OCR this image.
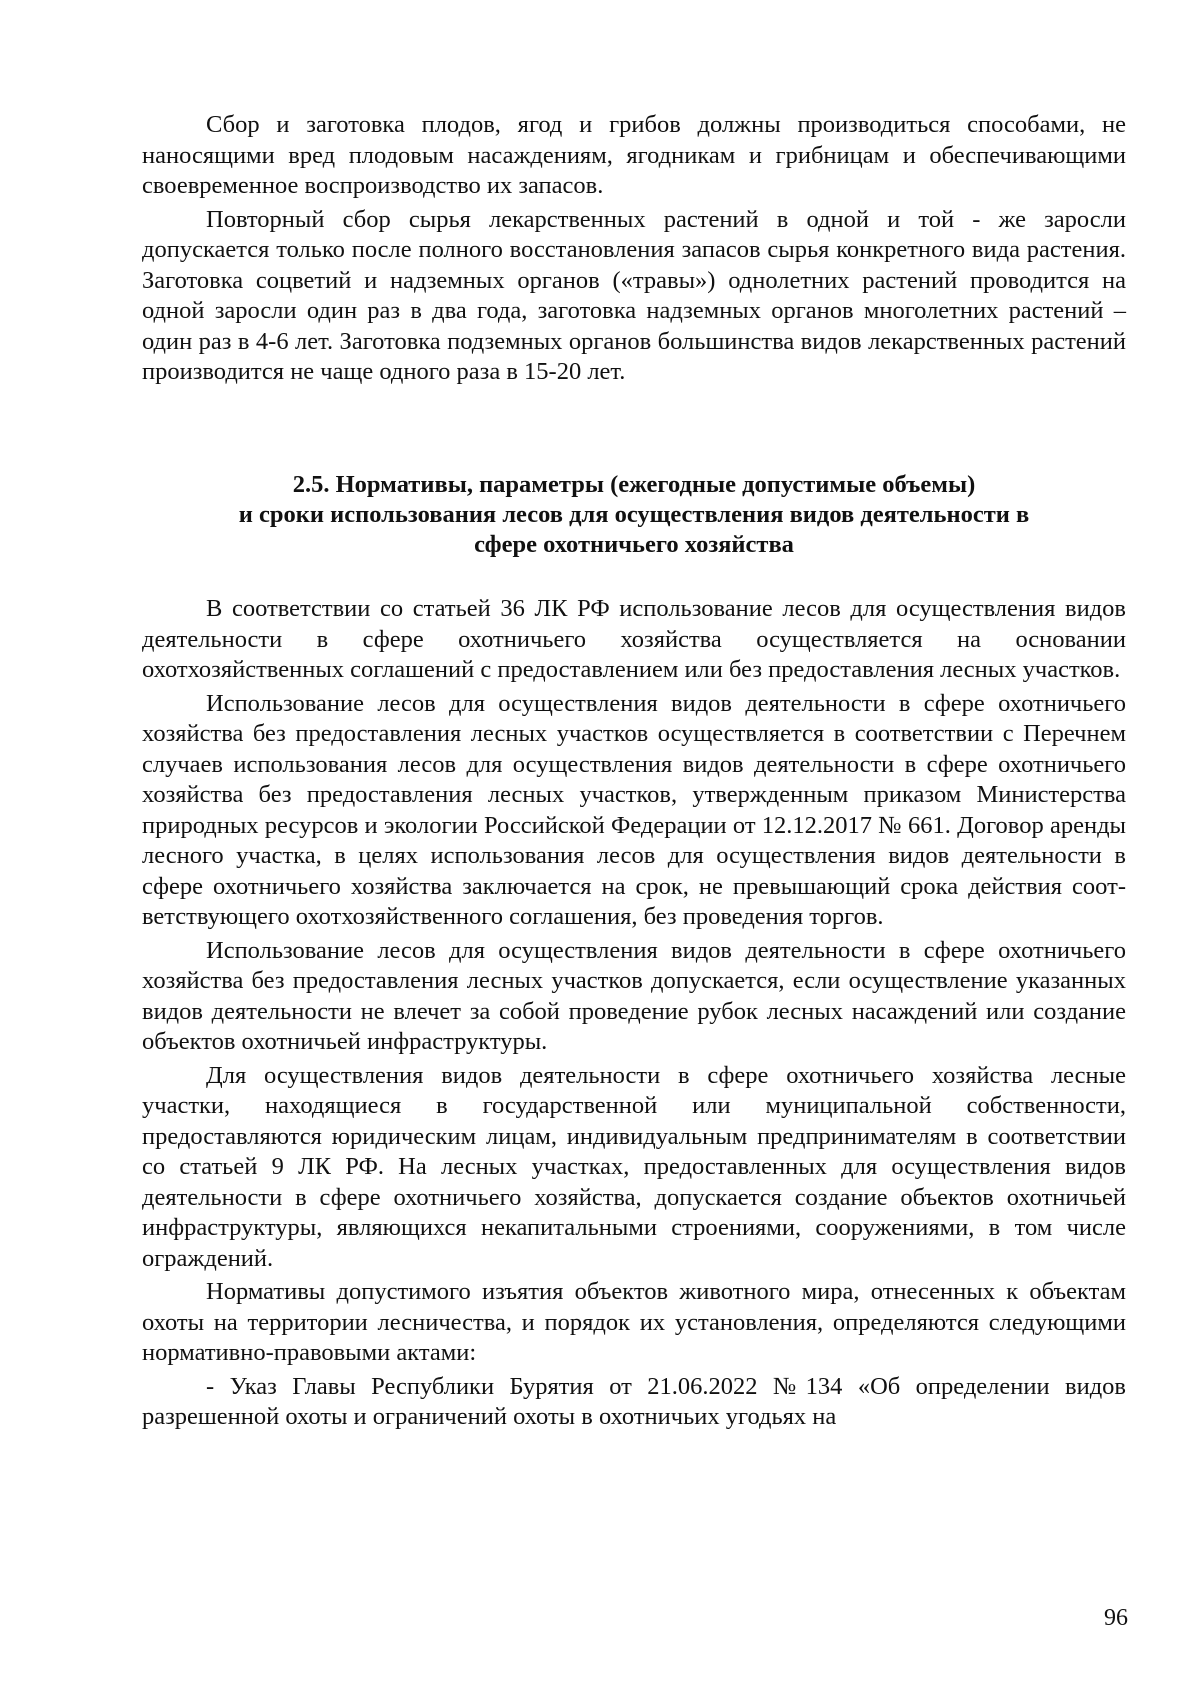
Сбор и заготовка плодов, ягод и грибов должны производиться способами, не наносящими вред плодовым насаждениям, ягодникам и грибницам и обеспечивающими своевременное воспроизводство их запасов.

Повторный сбор сырья лекарственных растений в одной и той - же заросли допускается только после полного восстановления запасов сырья конкретного вида растения. Заготовка соцветий и надземных органов («травы») однолетних растений проводится на одной заросли один раз в два года, заготовка надземных органов многолетних растений – один раз в 4-6 лет. Заготовка подземных органов большинства видов лекарственных растений производится не чаще одного раза в 15-20 лет.

2.5. Нормативы, параметры (ежегодные допустимые объемы)
и сроки использования лесов для осуществления видов деятельности в
сфере охотничьего хозяйства

В соответствии со статьей 36 ЛК РФ использование лесов для осуществления видов деятельности в сфере охотничьего хозяйства осуществляется на основании охотхозяйственных соглашений с предоставлением или без предоставления лесных участков.

Использование лесов для осуществления видов деятельности в сфере охотничьего хозяйства без предоставления лесных участков осуществляется в соответствии с Перечнем случаев использования лесов для осуществления видов деятельности в сфере охотничьего хозяйства без предоставления лесных участков, утвержденным приказом Министерства природных ресурсов и экологии Российской Федерации от 12.12.2017 № 661. Договор аренды лесного участка, в целях использования лесов для осуществления видов деятельности в сфере охотничьего хозяйства заключается на срок, не превышающий срока действия соответствующего охотхозяйственного соглашения, без проведения торгов.

Использование лесов для осуществления видов деятельности в сфере охотничьего хозяйства без предоставления лесных участков допускается, если осуществление указанных видов деятельности не влечет за собой проведение рубок лесных насаждений или создание объектов охотничьей инфраструктуры.

Для осуществления видов деятельности в сфере охотничьего хозяйства лесные участки, находящиеся в государственной или муниципальной собственности, предоставляются юридическим лицам, индивидуальным предпринимателям в соответствии со статьей 9 ЛК РФ. На лесных участках, предоставленных для осуществления видов деятельности в сфере охотничьего хозяйства, допускается создание объектов охотничьей инфраструктуры, являющихся некапитальными строениями, сооружениями, в том числе ограждений.

Нормативы допустимого изъятия объектов животного мира, отнесенных к объектам охоты на территории лесничества, и порядок их установления, определяются следующими нормативно-правовыми актами:

- Указ Главы Республики Бурятия от 21.06.2022 №134 «Об определении видов разрешенной охоты и ограничений охоты в охотничьих угодьях на

96
